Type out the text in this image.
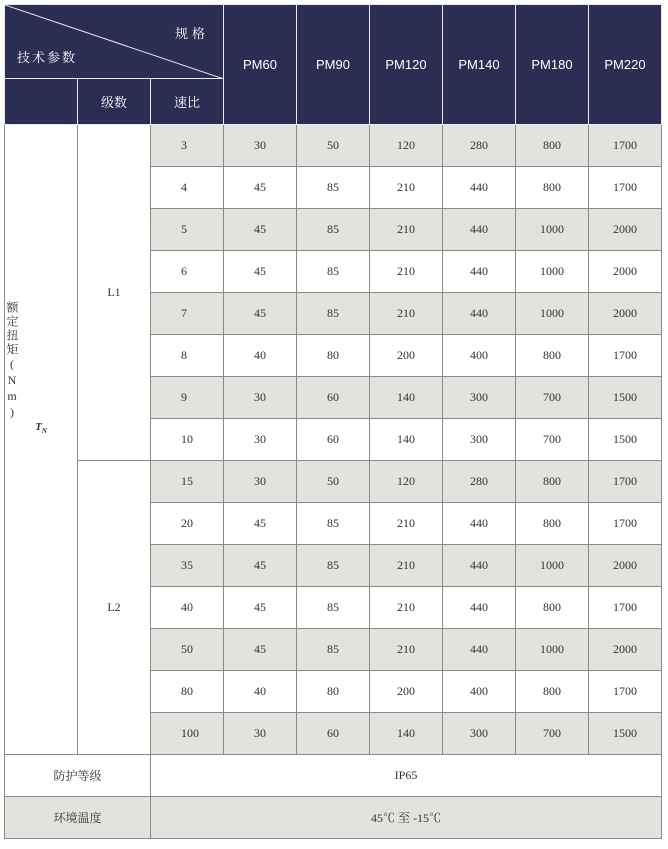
规格
技术参数			PM60	PM90	PM120	PM140	PM180	PM220
	级数	速比						

额定扭矩(Nm)
$T_N$	L1	3	30	50	120	280	800	1700
		4	45	85	210	440	800	1700
		5	45	85	210	440	1000	2000
		6	45	85	210	440	1000	2000
		7	45	85	210	440	1000	2000
		8	40	80	200	400	800	1700
		9	30	60	140	300	700	1500
		10	30	60	140	300	700	1500
	L2	15	30	50	120	280	800	1700
		20	45	85	210	440	800	1700
		35	45	85	210	440	1000	2000
		40	45	85	210	440	800	1700
		50	45	85	210	440	1000	2000
		80	40	80	200	400	800	1700
		100	30	60	140	300	700	1500
防护等级		IP65						
环境温度		45℃ 至 -15℃						
